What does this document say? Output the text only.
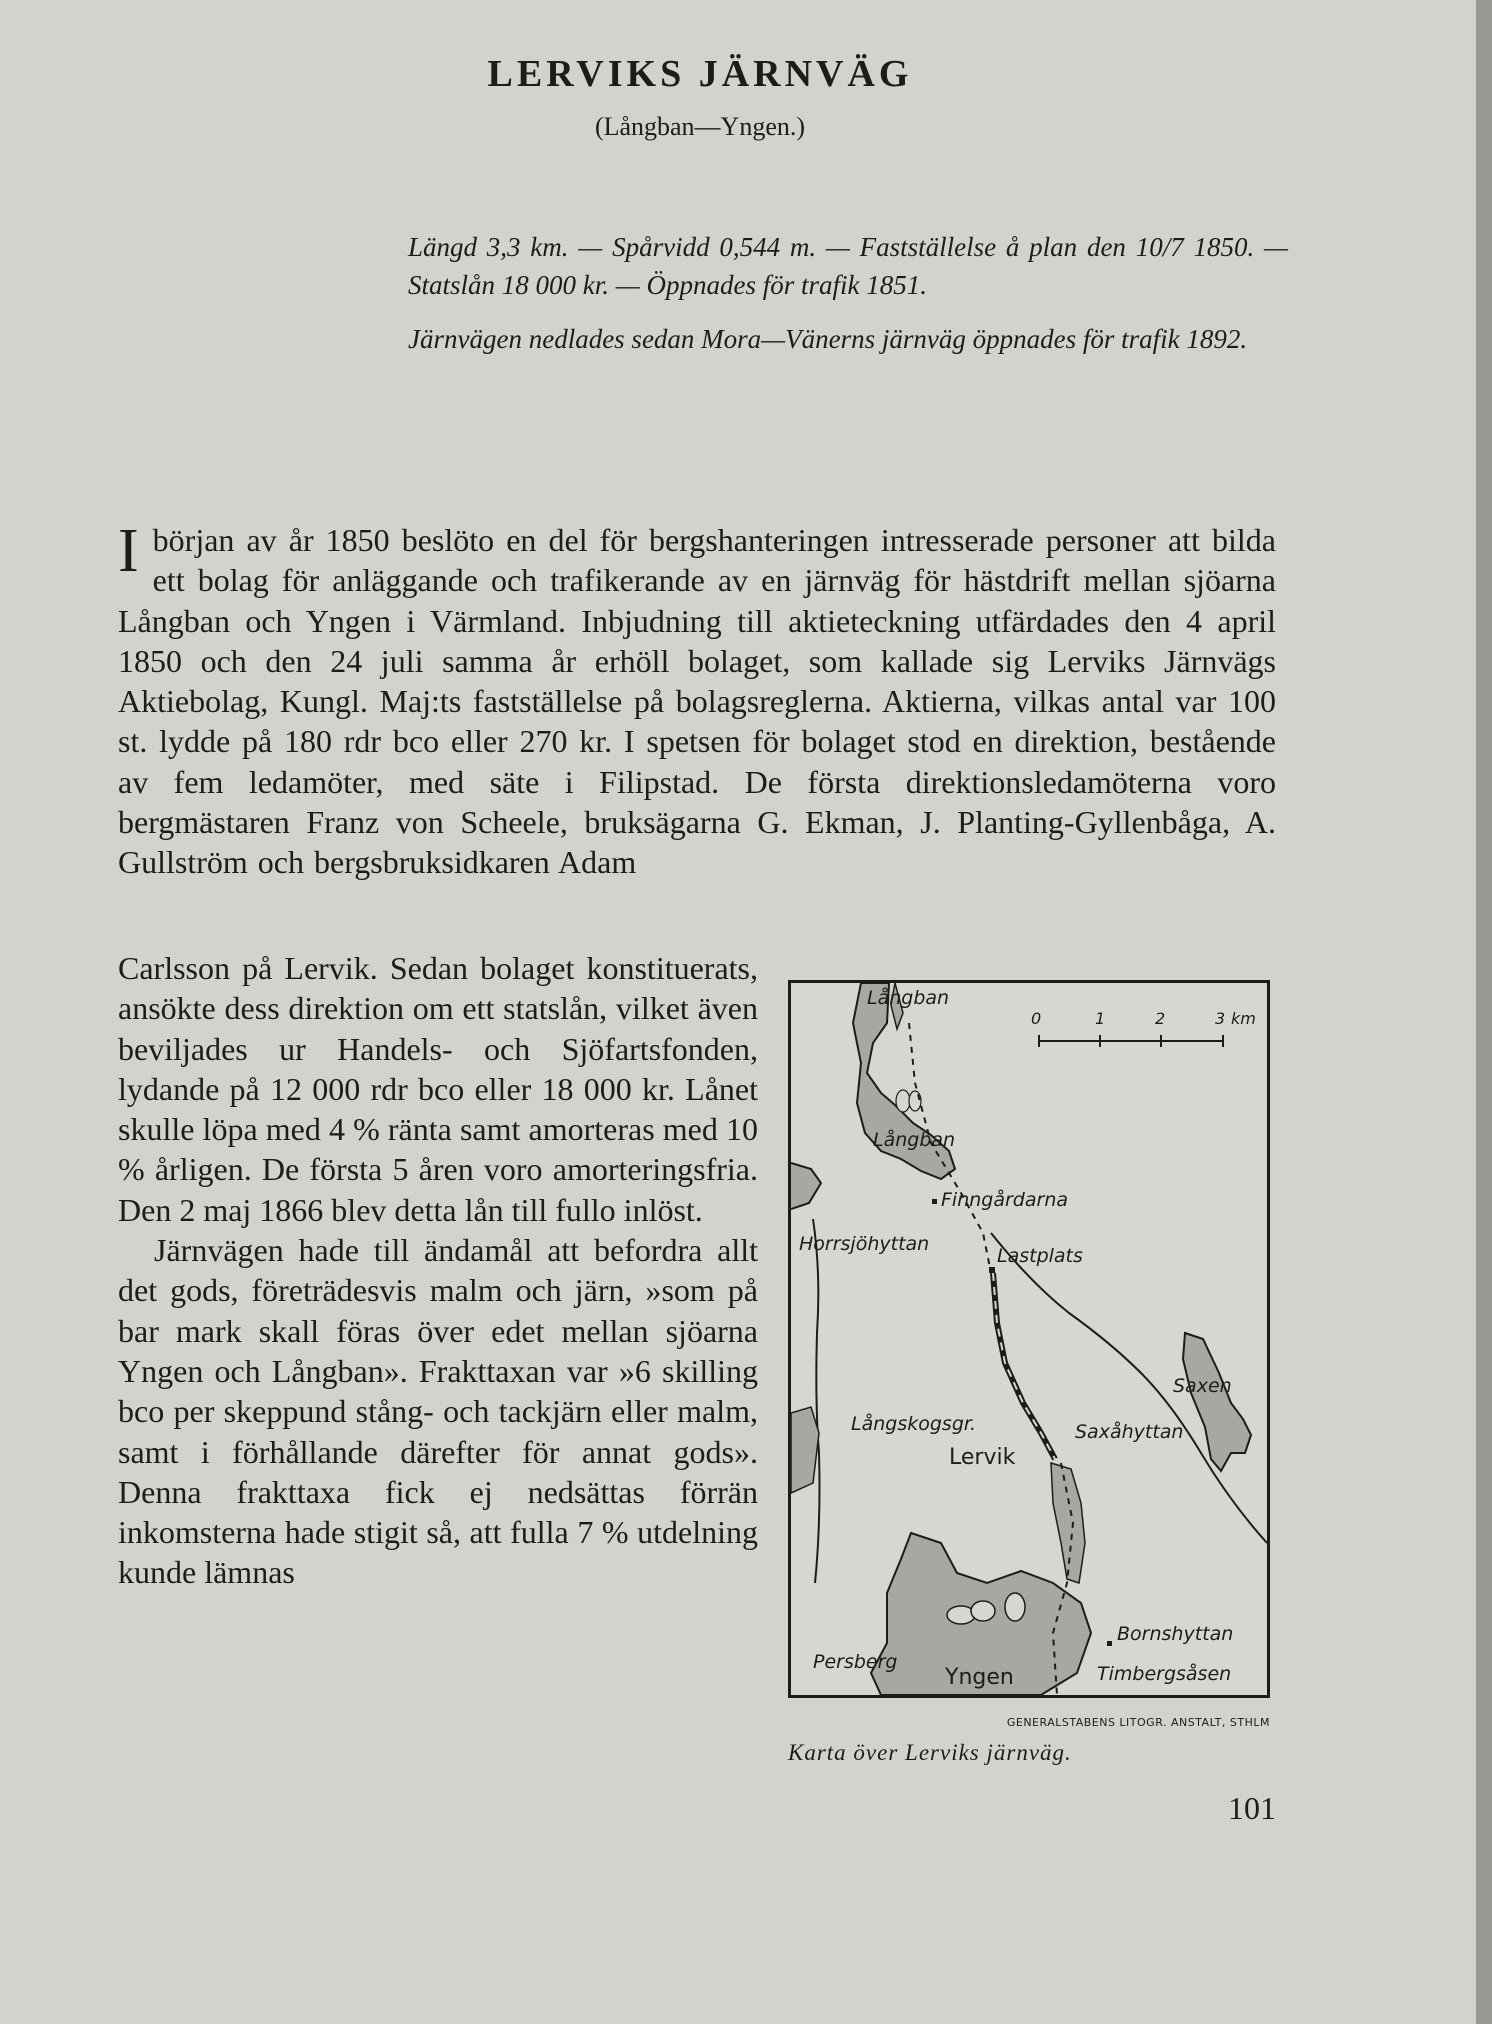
LERVIKS JÄRNVÄG
(Långban—Yngen.)

Längd 3,3 km. — Spårvidd 0,544 m. — Fastställelse å plan den 10/7 1850. — Statslån 18 000 kr. — Öppnades för trafik 1851.

Järnvägen nedlades sedan Mora—Vänerns järnväg öppnades för trafik 1892.

I början av år 1850 beslöto en del för bergshanteringen intresserade personer att bilda ett bolag för anläggande och trafikerande av en järnväg för hästdrift mellan sjöarna Långban och Yngen i Värmland. Inbjudning till aktieteckning utfärdades den 4 april 1850 och den 24 juli samma år erhöll bolaget, som kallade sig Lerviks Järnvägs Aktiebolag, Kungl. Maj:ts fastställelse på bolagsreglerna. Aktierna, vilkas antal var 100 st. lydde på 180 rdr bco eller 270 kr. I spetsen för bolaget stod en direktion, bestående av fem ledamöter, med säte i Filipstad. De första direktionsledamöterna voro bergmästaren Franz von Scheele, bruksägarna G. Ekman, J. Planting-Gyllenbåga, A. Gullström och bergsbruksidkaren Adam

Carlsson på Lervik. Sedan bolaget konstituerats, ansökte dess direktion om ett statslån, vilket även beviljades ur Handels- och Sjöfartsfonden, lydande på 12 000 rdr bco eller 18 000 kr. Lånet skulle löpa med 4 % ränta samt amorteras med 10 % årligen. De första 5 åren voro amorteringsfria. Den 2 maj 1866 blev detta lån till fullo inlöst.

Järnvägen hade till ändamål att befordra allt det gods, företrädesvis malm och järn, »som på bar mark skall föras över edet mellan sjöarna Yngen och Långban». Frakttaxan var »6 skilling bco per skeppund stång- och tackjärn eller malm, samt i förhållande därefter för annat gods». Denna frakttaxa fick ej nedsättas förrän inkomsterna hade stigit så, att fulla 7 % utdelning kunde lämnas

Långban
0	1	2	3 km
Långban
Finngårdarna
Horrsjöhyttan
Lastplats
Saxen
Långskogsgr.	Saxåhyttan
Lervik
Bornshyttan
Persberg
Yngen	Timbergsåsen
GENERALSTABENS LITOGR. ANSTALT, STHLM
Karta över Lerviks järnväg.
101
